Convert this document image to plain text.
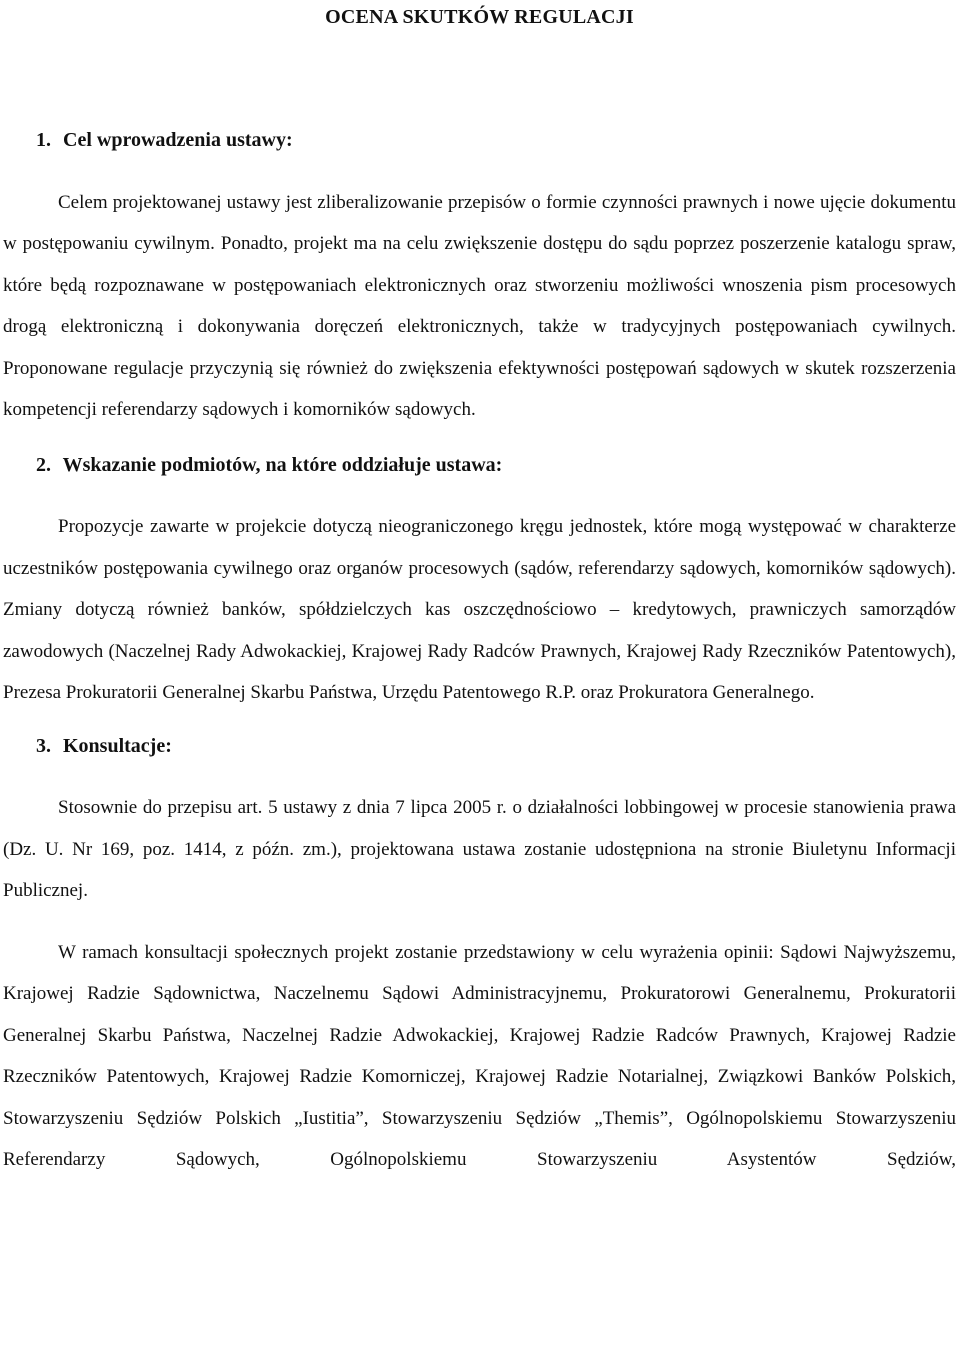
OCENA SKUTKÓW REGULACJI
1. Cel wprowadzenia ustawy:

Celem projektowanej ustawy jest zliberalizowanie przepisów o formie czynności prawnych i nowe ujęcie dokumentu w postępowaniu cywilnym. Ponadto, projekt ma na celu zwiększenie dostępu do sądu poprzez poszerzenie katalogu spraw, które będą rozpoznawane w postępowaniach elektronicznych oraz stworzeniu możliwości wnoszenia pism procesowych drogą elektroniczną i dokonywania doręczeń elektronicznych, także w tradycyjnych postępowaniach cywilnych. Proponowane regulacje przyczynią się również do zwiększenia efektywności postępowań sądowych w skutek rozszerzenia kompetencji referendarzy sądowych i komorników sądowych.

2. Wskazanie podmiotów, na które oddziałuje ustawa:

Propozycje zawarte w projekcie dotyczą nieograniczonego kręgu jednostek, które mogą występować w charakterze uczestników postępowania cywilnego oraz organów procesowych (sądów, referendarzy sądowych, komorników sądowych). Zmiany dotyczą również banków, spółdzielczych kas oszczędnościowo – kredytowych, prawniczych samorządów zawodowych (Naczelnej Rady Adwokackiej, Krajowej Rady Radców Prawnych, Krajowej Rady Rzeczników Patentowych), Prezesa Prokuratorii Generalnej Skarbu Państwa, Urzędu Patentowego R.P. oraz Prokuratora Generalnego.

3. Konsultacje:

Stosownie do przepisu art. 5 ustawy z dnia 7 lipca 2005 r. o działalności lobbingowej w procesie stanowienia prawa (Dz. U. Nr 169, poz. 1414, z późn. zm.), projektowana ustawa zostanie udostępniona na stronie Biuletynu Informacji Publicznej.

W ramach konsultacji społecznych projekt zostanie przedstawiony w celu wyrażenia opinii: Sądowi Najwyższemu, Krajowej Radzie Sądownictwa, Naczelnemu Sądowi Administracyjnemu, Prokuratorowi Generalnemu, Prokuratorii Generalnej Skarbu Państwa, Naczelnej Radzie Adwokackiej, Krajowej Radzie Radców Prawnych, Krajowej Radzie Rzeczników Patentowych, Krajowej Radzie Komorniczej, Krajowej Radzie Notarialnej, Związkowi Banków Polskich, Stowarzyszeniu Sędziów Polskich „Iustitia”, Stowarzyszeniu Sędziów „Themis”, Ogólnopolskiemu Stowarzyszeniu Referendarzy Sądowych, Ogólnopolskiemu Stowarzyszeniu Asystentów Sędziów,
